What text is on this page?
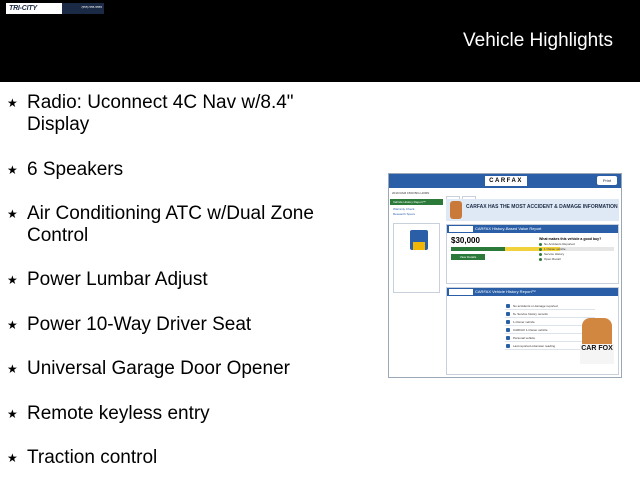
TRI-CITY	(555) 555-5555
Vehicle Highlights
★ Radio: Uconnect 4C Nav w/8.4" Display
★ 6 Speakers
★ Air Conditioning ATC w/Dual Zone Control
★ Power Lumbar Adjust
★ Power 10-Way Driver Seat
★ Universal Garage Door Opener
★ Remote keyless entry
★ Traction control
CARFAX	Print
2019 RAM 1500 BIG HORN
Vehicle History Report™
Warranty Check
Research Specs
CARFAX HAS THE MOST ACCIDENT & DAMAGE INFORMATION
CARFAX History-Based Value Report
$30,000
View Details
What makes this vehicle a good buy?
No Accidents Reported
1 Owner vehicle
Service History
Open Recall
CARFAX Vehicle History Report™
No accidents or damage reported
8+ Service history records
1-Owner vehicle
CARFAX 1-Owner vehicle
Personal vehicle
Last reported odometer reading	CAR FOX
